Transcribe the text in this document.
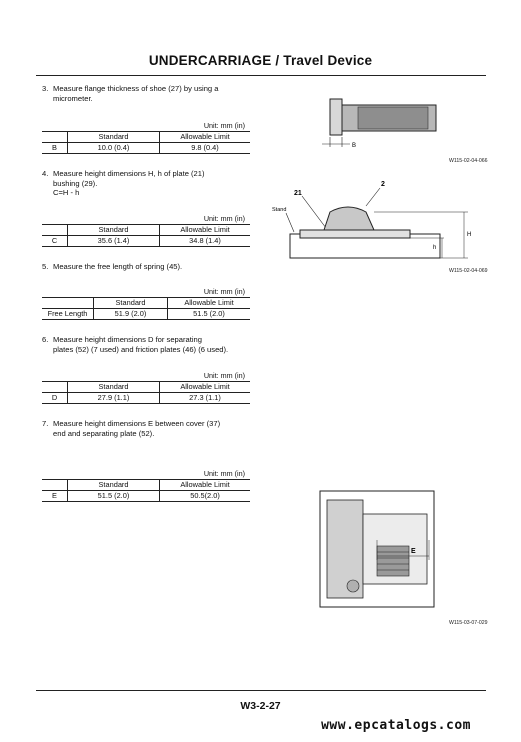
UNDERCARRIAGE / Travel Device
3. Measure flange thickness of shoe (27) by using a
micrometer.
Unit: mm (in)
	Standard	Allowable Limit
B	10.0 (0.4)	9.8 (0.4)
4. Measure height dimensions H, h of plate (21)
bushing (29).
C=H - h
Unit: mm (in)
	Standard	Allowable Limit
C	35.6 (1.4)	34.8 (1.4)
5. Measure the free length of spring (45).
Unit: mm (in)
	Standard	Allowable Limit
Free Length	51.9 (2.0)	51.5 (2.0)
6. Measure height dimensions D for separating
plates (52) (7 used) and friction plates (46) (6 used).
Unit: mm (in)
	Standard	Allowable Limit
D	27.9 (1.1)	27.3 (1.1)
7. Measure height dimensions E between cover (37)
end and separating plate (52).
Unit: mm (in)
	Standard	Allowable Limit
E	51.5 (2.0)	50.5(2.0)
B
W115-02-04-066
21
2
Stand
H
h
W115-02-04-069
E
W115-03-07-029
W3-2-27
www.epcatalogs.com
